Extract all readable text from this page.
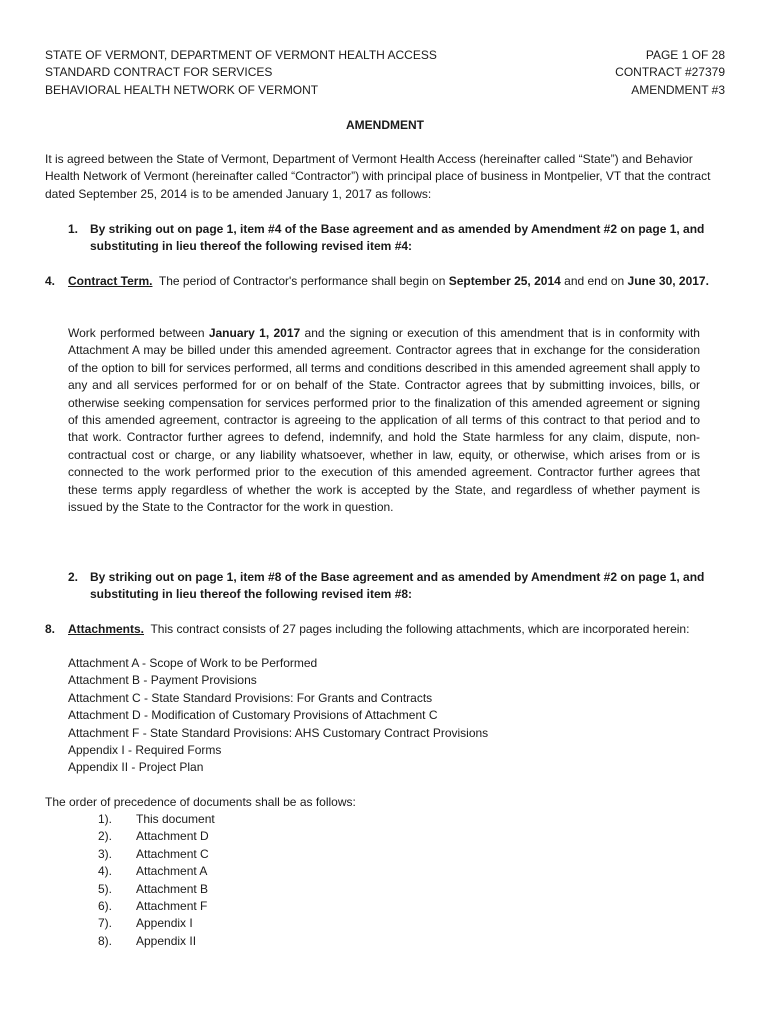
STATE OF VERMONT, DEPARTMENT OF VERMONT HEALTH ACCESS
STANDARD CONTRACT FOR SERVICES
BEHAVIORAL HEALTH NETWORK OF VERMONT
PAGE 1 OF 28
CONTRACT #27379
AMENDMENT #3
AMENDMENT
It is agreed between the State of Vermont, Department of Vermont Health Access (hereinafter called “State”) and Behavior Health Network of Vermont (hereinafter called “Contractor”) with principal place of business in Montpelier, VT that the contract dated September 25, 2014 is to be amended January 1, 2017 as follows:
1. By striking out on page 1, item #4 of the Base agreement and as amended by Amendment #2 on page 1, and substituting in lieu thereof the following revised item #4:
4. Contract Term. The period of Contractor's performance shall begin on September 25, 2014 and end on June 30, 2017.
Work performed between January 1, 2017 and the signing or execution of this amendment that is in conformity with Attachment A may be billed under this amended agreement. Contractor agrees that in exchange for the consideration of the option to bill for services performed, all terms and conditions described in this amended agreement shall apply to any and all services performed for or on behalf of the State. Contractor agrees that by submitting invoices, bills, or otherwise seeking compensation for services performed prior to the finalization of this amended agreement or signing of this amended agreement, contractor is agreeing to the application of all terms of this contract to that period and to that work. Contractor further agrees to defend, indemnify, and hold the State harmless for any claim, dispute, non-contractual cost or charge, or any liability whatsoever, whether in law, equity, or otherwise, which arises from or is connected to the work performed prior to the execution of this amended agreement. Contractor further agrees that these terms apply regardless of whether the work is accepted by the State, and regardless of whether payment is issued by the State to the Contractor for the work in question.
2. By striking out on page 1, item #8 of the Base agreement and as amended by Amendment #2 on page 1, and substituting in lieu thereof the following revised item #8:
8. Attachments. This contract consists of 27 pages including the following attachments, which are incorporated herein:
Attachment A - Scope of Work to be Performed
Attachment B - Payment Provisions
Attachment C - State Standard Provisions: For Grants and Contracts
Attachment D - Modification of Customary Provisions of Attachment C
Attachment F - State Standard Provisions: AHS Customary Contract Provisions
Appendix I - Required Forms
Appendix II - Project Plan
The order of precedence of documents shall be as follows:
1). This document
2). Attachment D
3). Attachment C
4). Attachment A
5). Attachment B
6). Attachment F
7). Appendix I
8). Appendix II
